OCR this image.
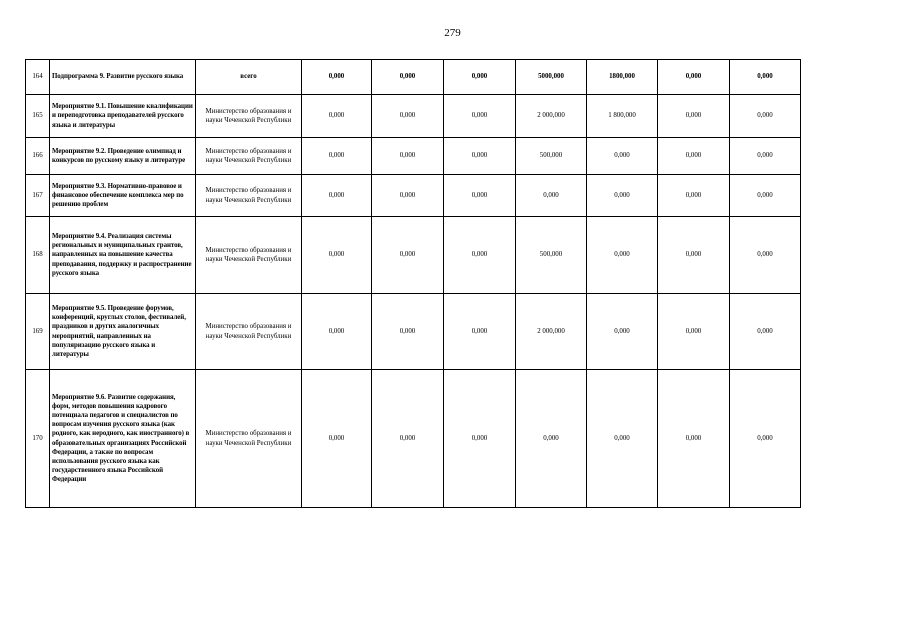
279
164	Подпрограмма 9. Развитие русского языка	всего	0,000	0,000	0,000	5000,000	1800,000	0,000	0,000
165	Мероприятие 9.1. Повышение квалификации и переподготовка преподавателей русского языка и литературы	Министерство образования и науки Чеченской Республики	0,000	0,000	0,000	2 000,000	1 800,000	0,000	0,000
166	Мероприятие 9.2. Проведение олимпиад и конкурсов по русскому языку и литературе	Министерство образования и науки Чеченской Республики	0,000	0,000	0,000	500,000	0,000	0,000	0,000
167	Мероприятие 9.3. Нормативно-правовое и финансовое обеспечение комплекса мер по решению проблем	Министерство образования и науки Чеченской Республики	0,000	0,000	0,000	0,000	0,000	0,000	0,000
168	Мероприятие 9.4. Реализация системы региональных и муниципальных грантов, направленных на повышение качества преподавания, поддержку и распространение русского языка	Министерство образования и науки Чеченской Республики	0,000	0,000	0,000	500,000	0,000	0,000	0,000
169	Мероприятие 9.5. Проведение форумов, конференций, круглых столов, фестивалей, праздников и других аналогичных мероприятий, направленных на популяризацию русского языка и литературы	Министерство образования и науки Чеченской Республики	0,000	0,000	0,000	2 000,000	0,000	0,000	0,000
170	Мероприятие 9.6. Развитие содержания, форм, методов повышения кадрового потенциала педагогов и специалистов по вопросам изучения русского языка (как родного, как неродного, как иностранного) в образовательных организациях Российской Федерации, а также по вопросам использования русского языка как государственного языка Российской Федерации	Министерство образования и науки Чеченской Республики	0,000	0,000	0,000	0,000	0,000	0,000	0,000
